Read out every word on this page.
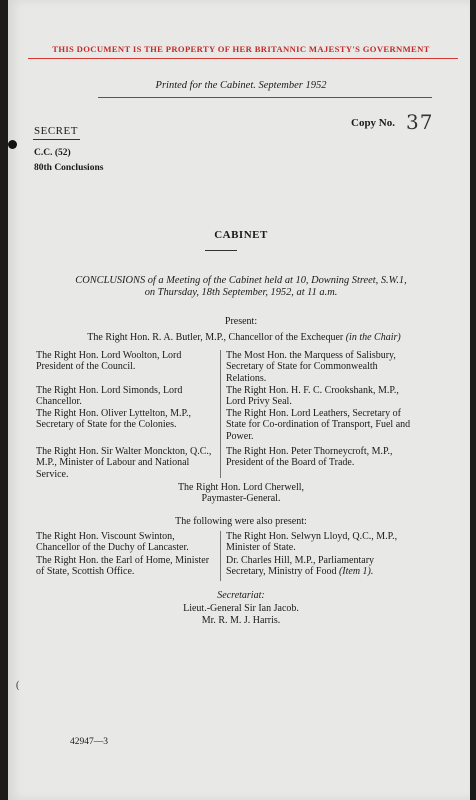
THIS DOCUMENT IS THE PROPERTY OF HER BRITANNIC MAJESTY'S GOVERNMENT
Printed for the Cabinet. September 1952
SECRET
Copy No. 37
C.C. (52)
80th Conclusions
CABINET
CONCLUSIONS of a Meeting of the Cabinet held at 10, Downing Street, S.W.1,
on Thursday, 18th September, 1952, at 11 a.m.
Present:
The Right Hon. R. A. Butler, M.P., Chancellor of the Exchequer (in the Chair)
The Right Hon. Lord Woolton, Lord President of the Council.
The Right Hon. Lord Simonds, Lord Chancellor.
The Right Hon. Oliver Lyttelton, M.P., Secretary of State for the Colonies.
The Right Hon. Sir Walter Monckton, Q.C., M.P., Minister of Labour and National Service.
The Most Hon. the Marquess of Salisbury, Secretary of State for Commonwealth Relations.
The Right Hon. H. F. C. Crookshank, M.P., Lord Privy Seal.
The Right Hon. Lord Leathers, Secretary of State for Co-ordination of Transport, Fuel and Power.
The Right Hon. Peter Thorneycroft, M.P., President of the Board of Trade.
The Right Hon. Lord Cherwell,
Paymaster-General.
The following were also present:
The Right Hon. Viscount Swinton, Chancellor of the Duchy of Lancaster.
The Right Hon. the Earl of Home, Minister of State, Scottish Office.
The Right Hon. Selwyn Lloyd, Q.C., M.P., Minister of State.
Dr. Charles Hill, M.P., Parliamentary Secretary, Ministry of Food (Item 1).
Secretariat:
Lieut.-General Sir Ian Jacob.
Mr. R. M. J. Harris.
(
42947—3
